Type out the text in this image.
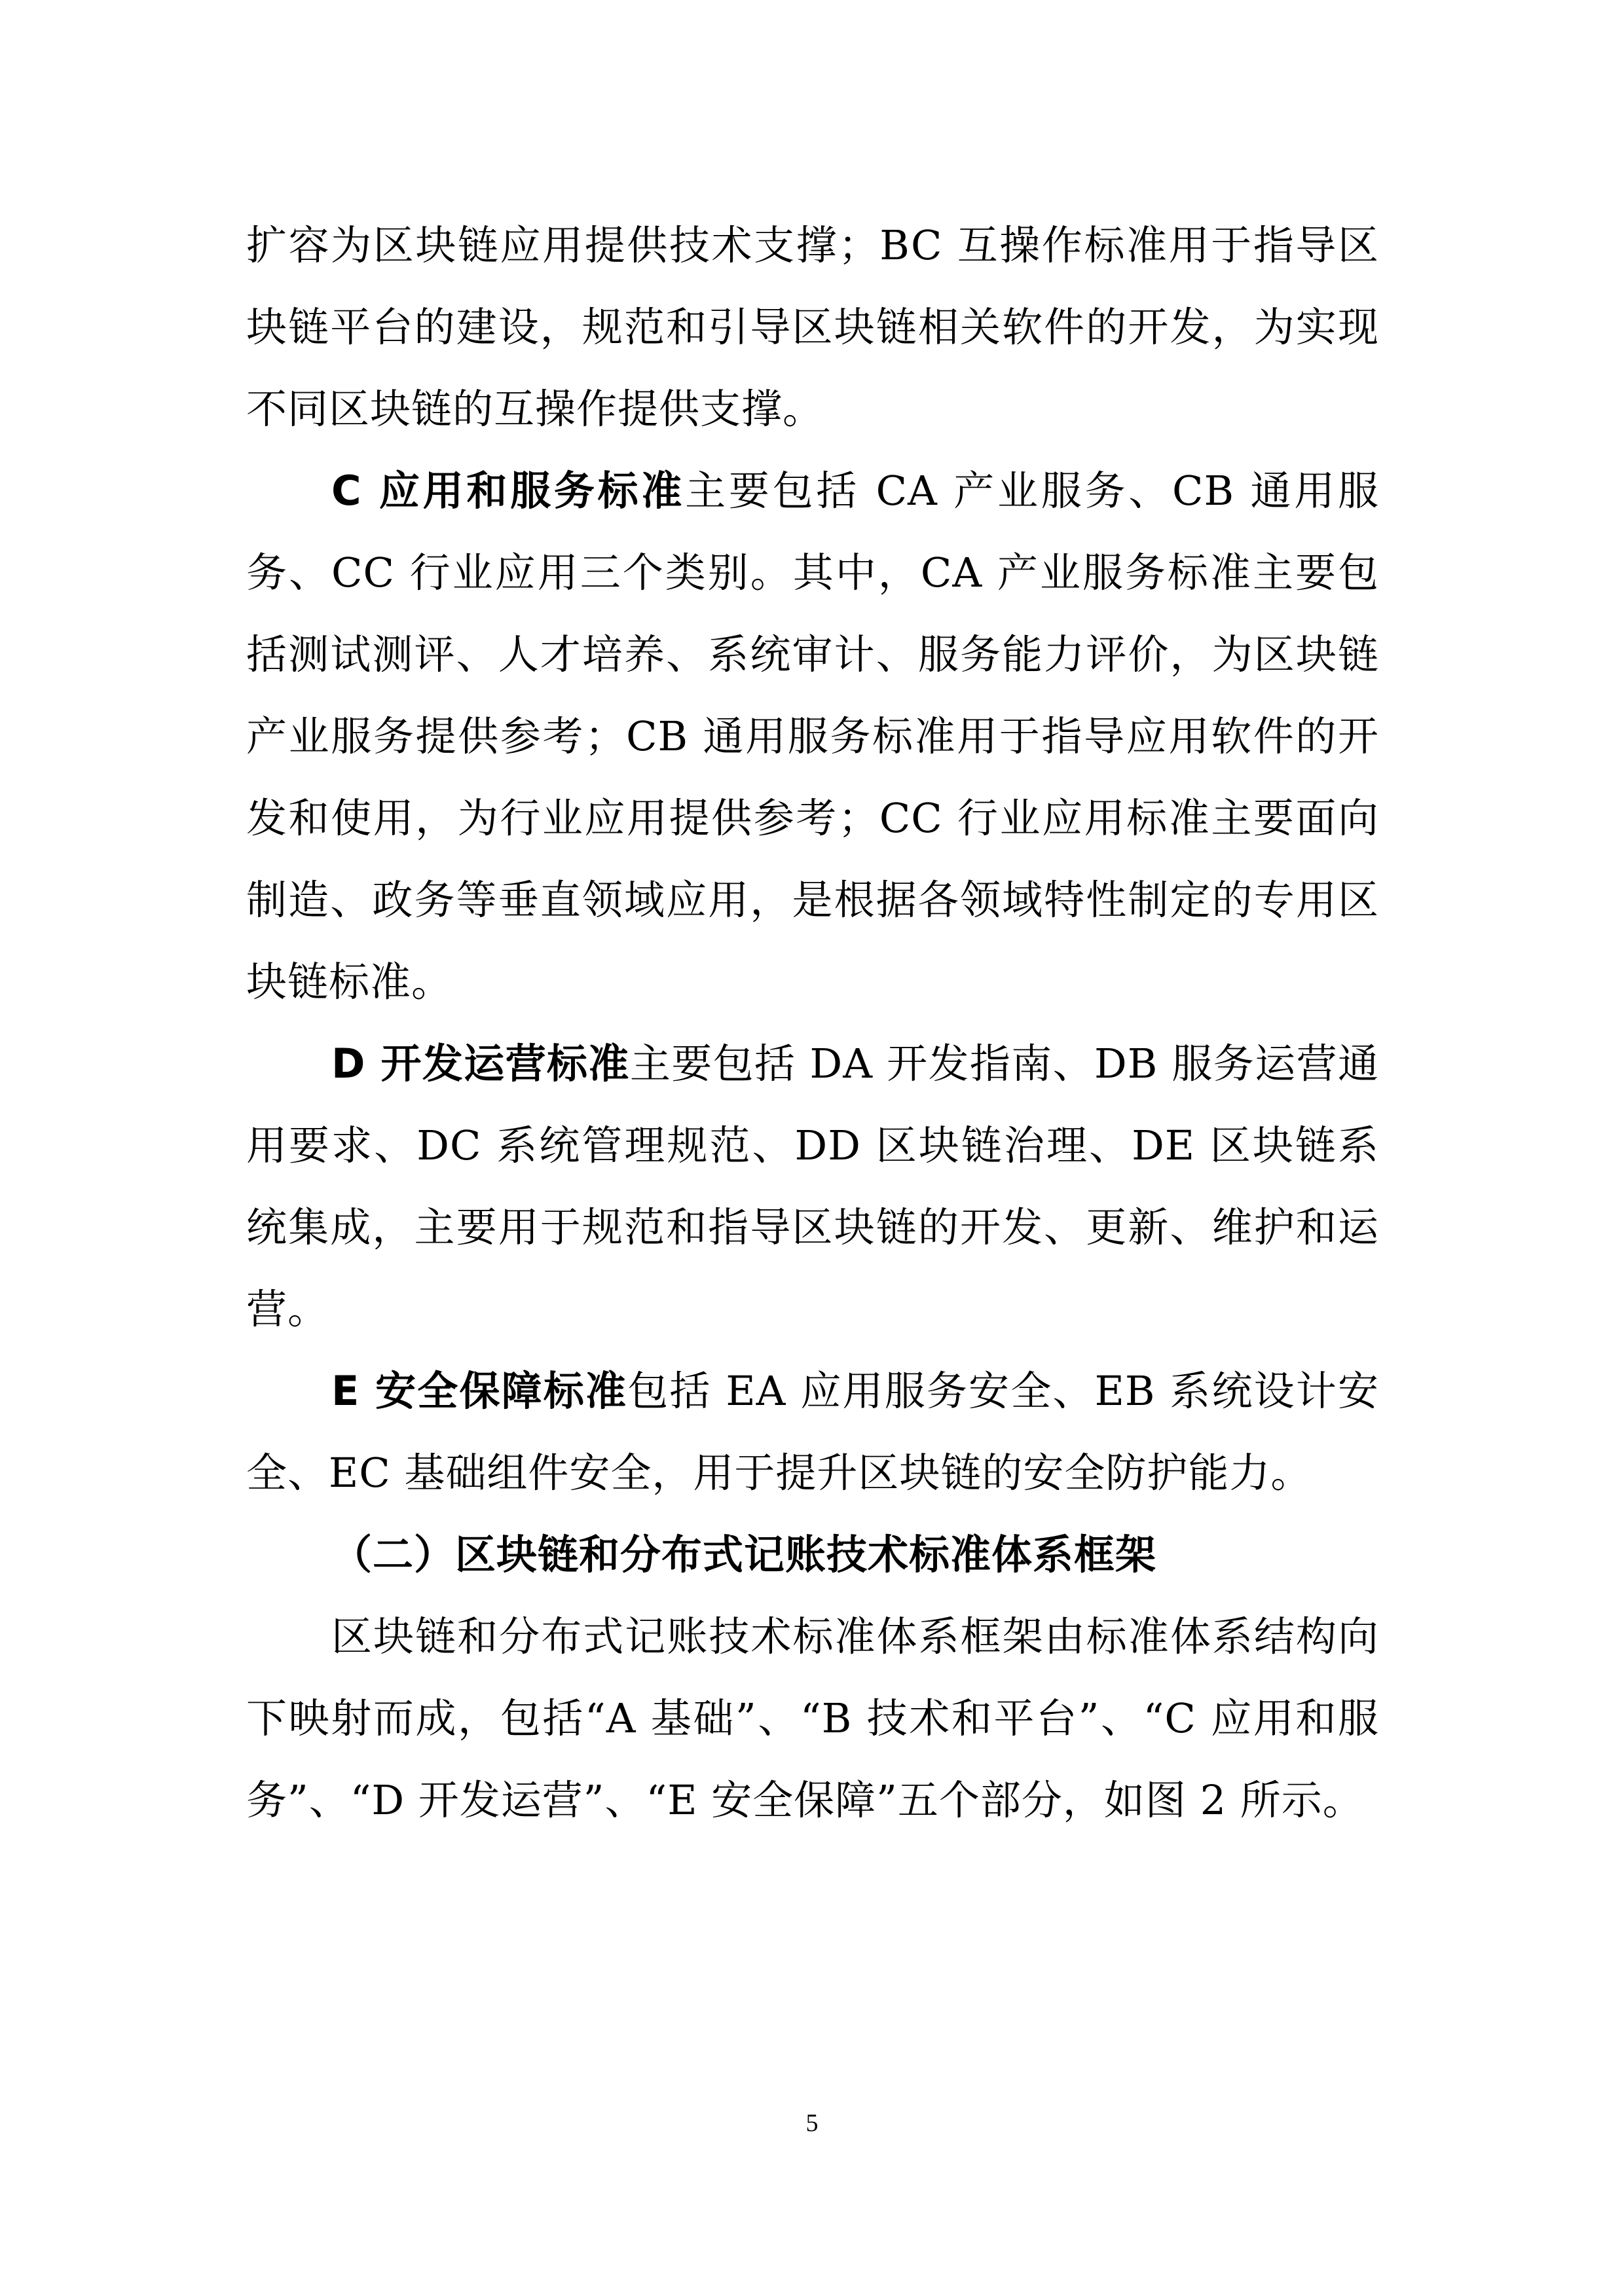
扩容为区块链应用提供技术支撑；BC 互操作标准用于指导区块链平台的建设，规范和引导区块链相关软件的开发，为实现不同区块链的互操作提供支撑。

C 应用和服务标准主要包括 CA 产业服务、CB 通用服务、CC 行业应用三个类别。其中，CA 产业服务标准主要包括测试测评、人才培养、系统审计、服务能力评价，为区块链产业服务提供参考；CB 通用服务标准用于指导应用软件的开发和使用，为行业应用提供参考；CC 行业应用标准主要面向制造、政务等垂直领域应用，是根据各领域特性制定的专用区块链标准。

D 开发运营标准主要包括 DA 开发指南、DB 服务运营通用要求、DC 系统管理规范、DD 区块链治理、DE 区块链系统集成，主要用于规范和指导区块链的开发、更新、维护和运营。

E 安全保障标准包括 EA 应用服务安全、EB 系统设计安全、EC 基础组件安全，用于提升区块链的安全防护能力。

（二）区块链和分布式记账技术标准体系框架

区块链和分布式记账技术标准体系框架由标准体系结构向下映射而成，包括“A 基础”、“B 技术和平台”、“C 应用和服务”、“D 开发运营”、“E 安全保障”五个部分，如图 2 所示。

5
